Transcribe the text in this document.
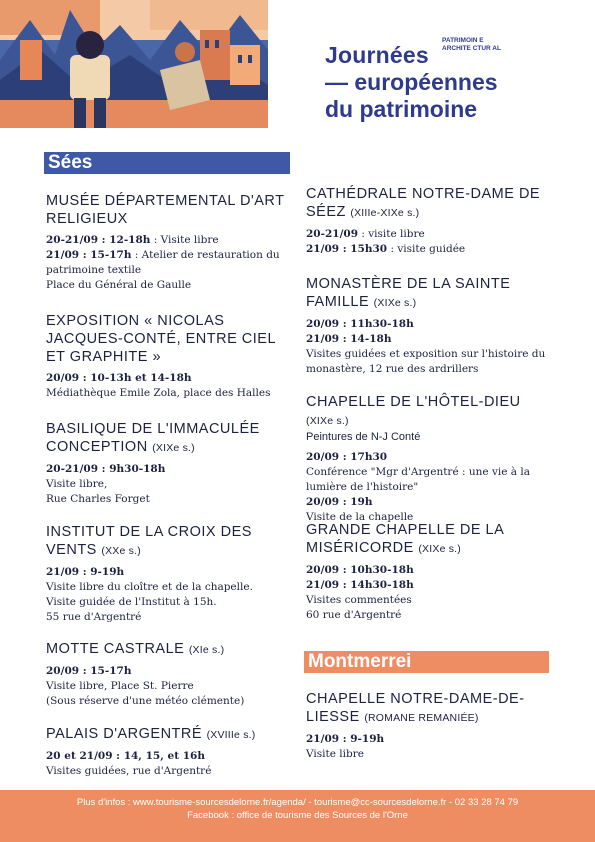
Journées
PATRIMOIN E
ARCHITE CTUR AL
— européennes
du patrimoine
Sées
MUSÉE DÉPARTEMENTAL D'ART RELIGIEUX
20-21/09 : 12-18h : Visite libre
21/09 : 15-17h : Atelier de restauration du patrimoine textile
Place du Général de Gaulle
EXPOSITION « NICOLAS JACQUES-CONTÉ, ENTRE CIEL ET GRAPHITE »
20/09 : 10-13h et 14-18h
Médiathèque Emile Zola, place des Halles
BASILIQUE DE L'IMMACULÉE CONCEPTION (XIXe s.)
20-21/09 : 9h30-18h
Visite libre,
Rue Charles Forget
INSTITUT DE LA CROIX DES VENTS (XXe s.)
21/09 : 9-19h
Visite libre du cloître et de la chapelle.
Visite guidée de l'Institut à 15h.
55 rue d'Argentré
MOTTE CASTRALE (XIe s.)
20/09 : 15-17h
Visite libre, Place St. Pierre
(Sous réserve d'une météo clémente)
PALAIS D'ARGENTRÉ (XVIIIe s.)
20 et 21/09 : 14, 15, et 16h
Visites guidées, rue d'Argentré
CATHÉDRALE NOTRE-DAME DE SÉEZ (XIIIe-XIXe s.)
20-21/09 : visite libre
21/09 : 15h30 : visite guidée
MONASTÈRE DE LA SAINTE FAMILLE (XIXe s.)
20/09 : 11h30-18h
21/09 : 14-18h
Visites guidées et exposition sur l'histoire du monastère, 12 rue des ardrillers
CHAPELLE DE L'HÔTEL-DIEU (XIXe s.)
Peintures de N-J Conté
20/09 : 17h30
Conférence "Mgr d'Argentré : une vie à la lumière de l'histoire"
20/09 : 19h
Visite de la chapelle
GRANDE CHAPELLE DE LA MISÉRICORDE (XIXe s.)
20/09 : 10h30-18h
21/09 : 14h30-18h
Visites commentées
60 rue d'Argentré
Montmerrei
CHAPELLE NOTRE-DAME-DE-LIESSE (ROMANE REMANIÉE)
21/09 : 9-19h
Visite libre
Plus d'infos : www.tourisme-sourcesdelorne.fr/agenda/ - tourisme@cc-sourcesdelorne.fr - 02 33 28 74 79
Facebook : office de tourisme des Sources de l'Orne
